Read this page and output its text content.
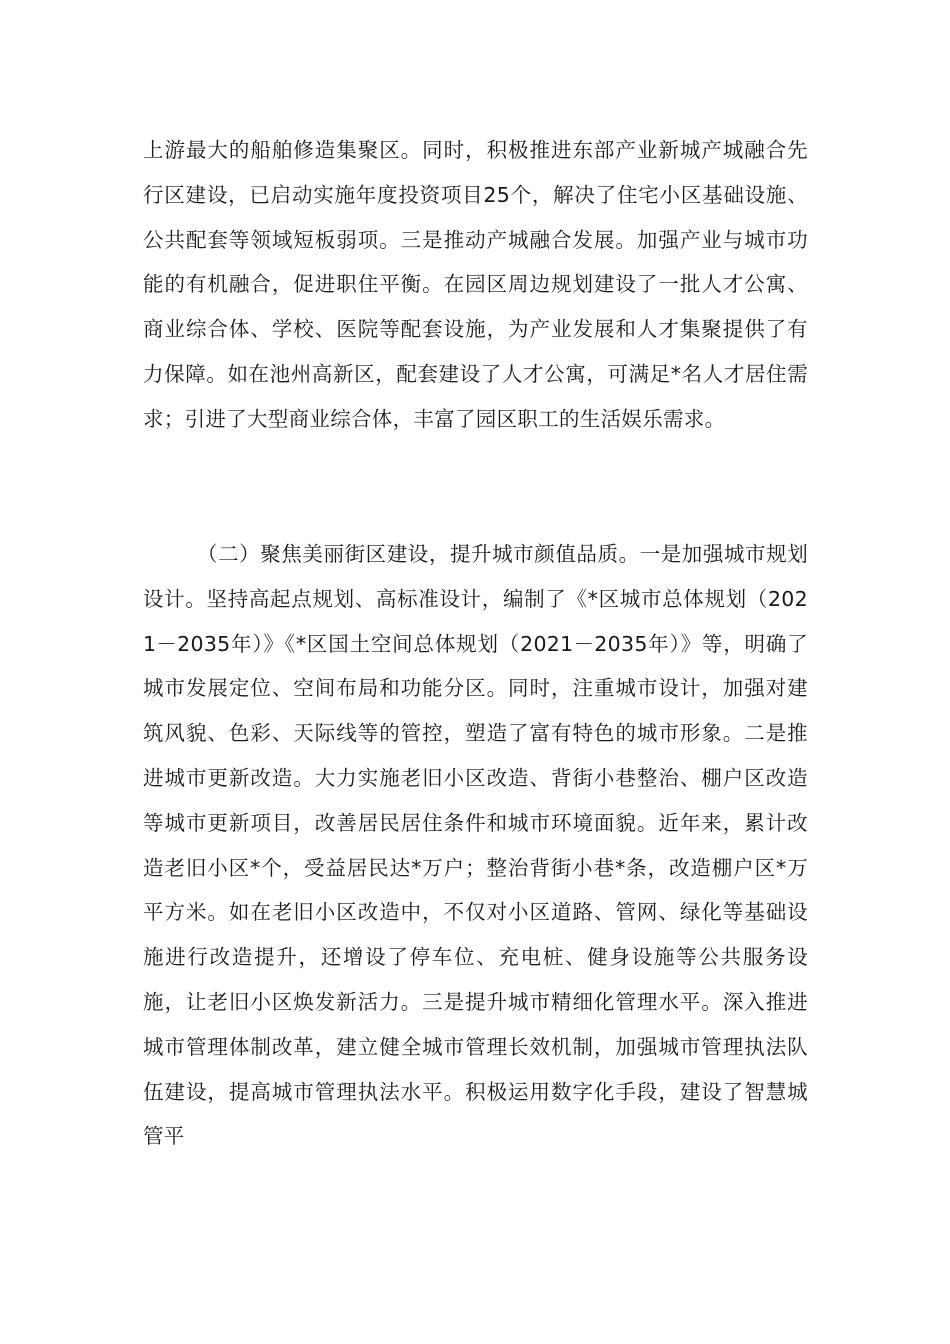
上游最大的船舶修造集聚区。同时，积极推进东部产业新城产城融合先行区建设，已启动实施年度投资项目25个，解决了住宅小区基础设施、公共配套等领域短板弱项。三是推动产城融合发展。加强产业与城市功能的有机融合，促进职住平衡。在园区周边规划建设了一批人才公寓、商业综合体、学校、医院等配套设施，为产业发展和人才集聚提供了有力保障。如在池州高新区，配套建设了人才公寓，可满足*名人才居住需求；引进了大型商业综合体，丰富了园区职工的生活娱乐需求。

（二）聚焦美丽街区建设，提升城市颜值品质。一是加强城市规划设计。坚持高起点规划、高标准设计，编制了《*区城市总体规划（2021－2035年）》《*区国土空间总体规划（2021－2035年）》等，明确了城市发展定位、空间布局和功能分区。同时，注重城市设计，加强对建筑风貌、色彩、天际线等的管控，塑造了富有特色的城市形象。二是推进城市更新改造。大力实施老旧小区改造、背街小巷整治、棚户区改造等城市更新项目，改善居民居住条件和城市环境面貌。近年来，累计改造老旧小区*个，受益居民达*万户；整治背街小巷*条，改造棚户区*万平方米。如在老旧小区改造中，不仅对小区道路、管网、绿化等基础设施进行改造提升，还增设了停车位、充电桩、健身设施等公共服务设施，让老旧小区焕发新活力。三是提升城市精细化管理水平。深入推进城市管理体制改革，建立健全城市管理长效机制，加强城市管理执法队伍建设，提高城市管理执法水平。积极运用数字化手段，建设了智慧城管平
